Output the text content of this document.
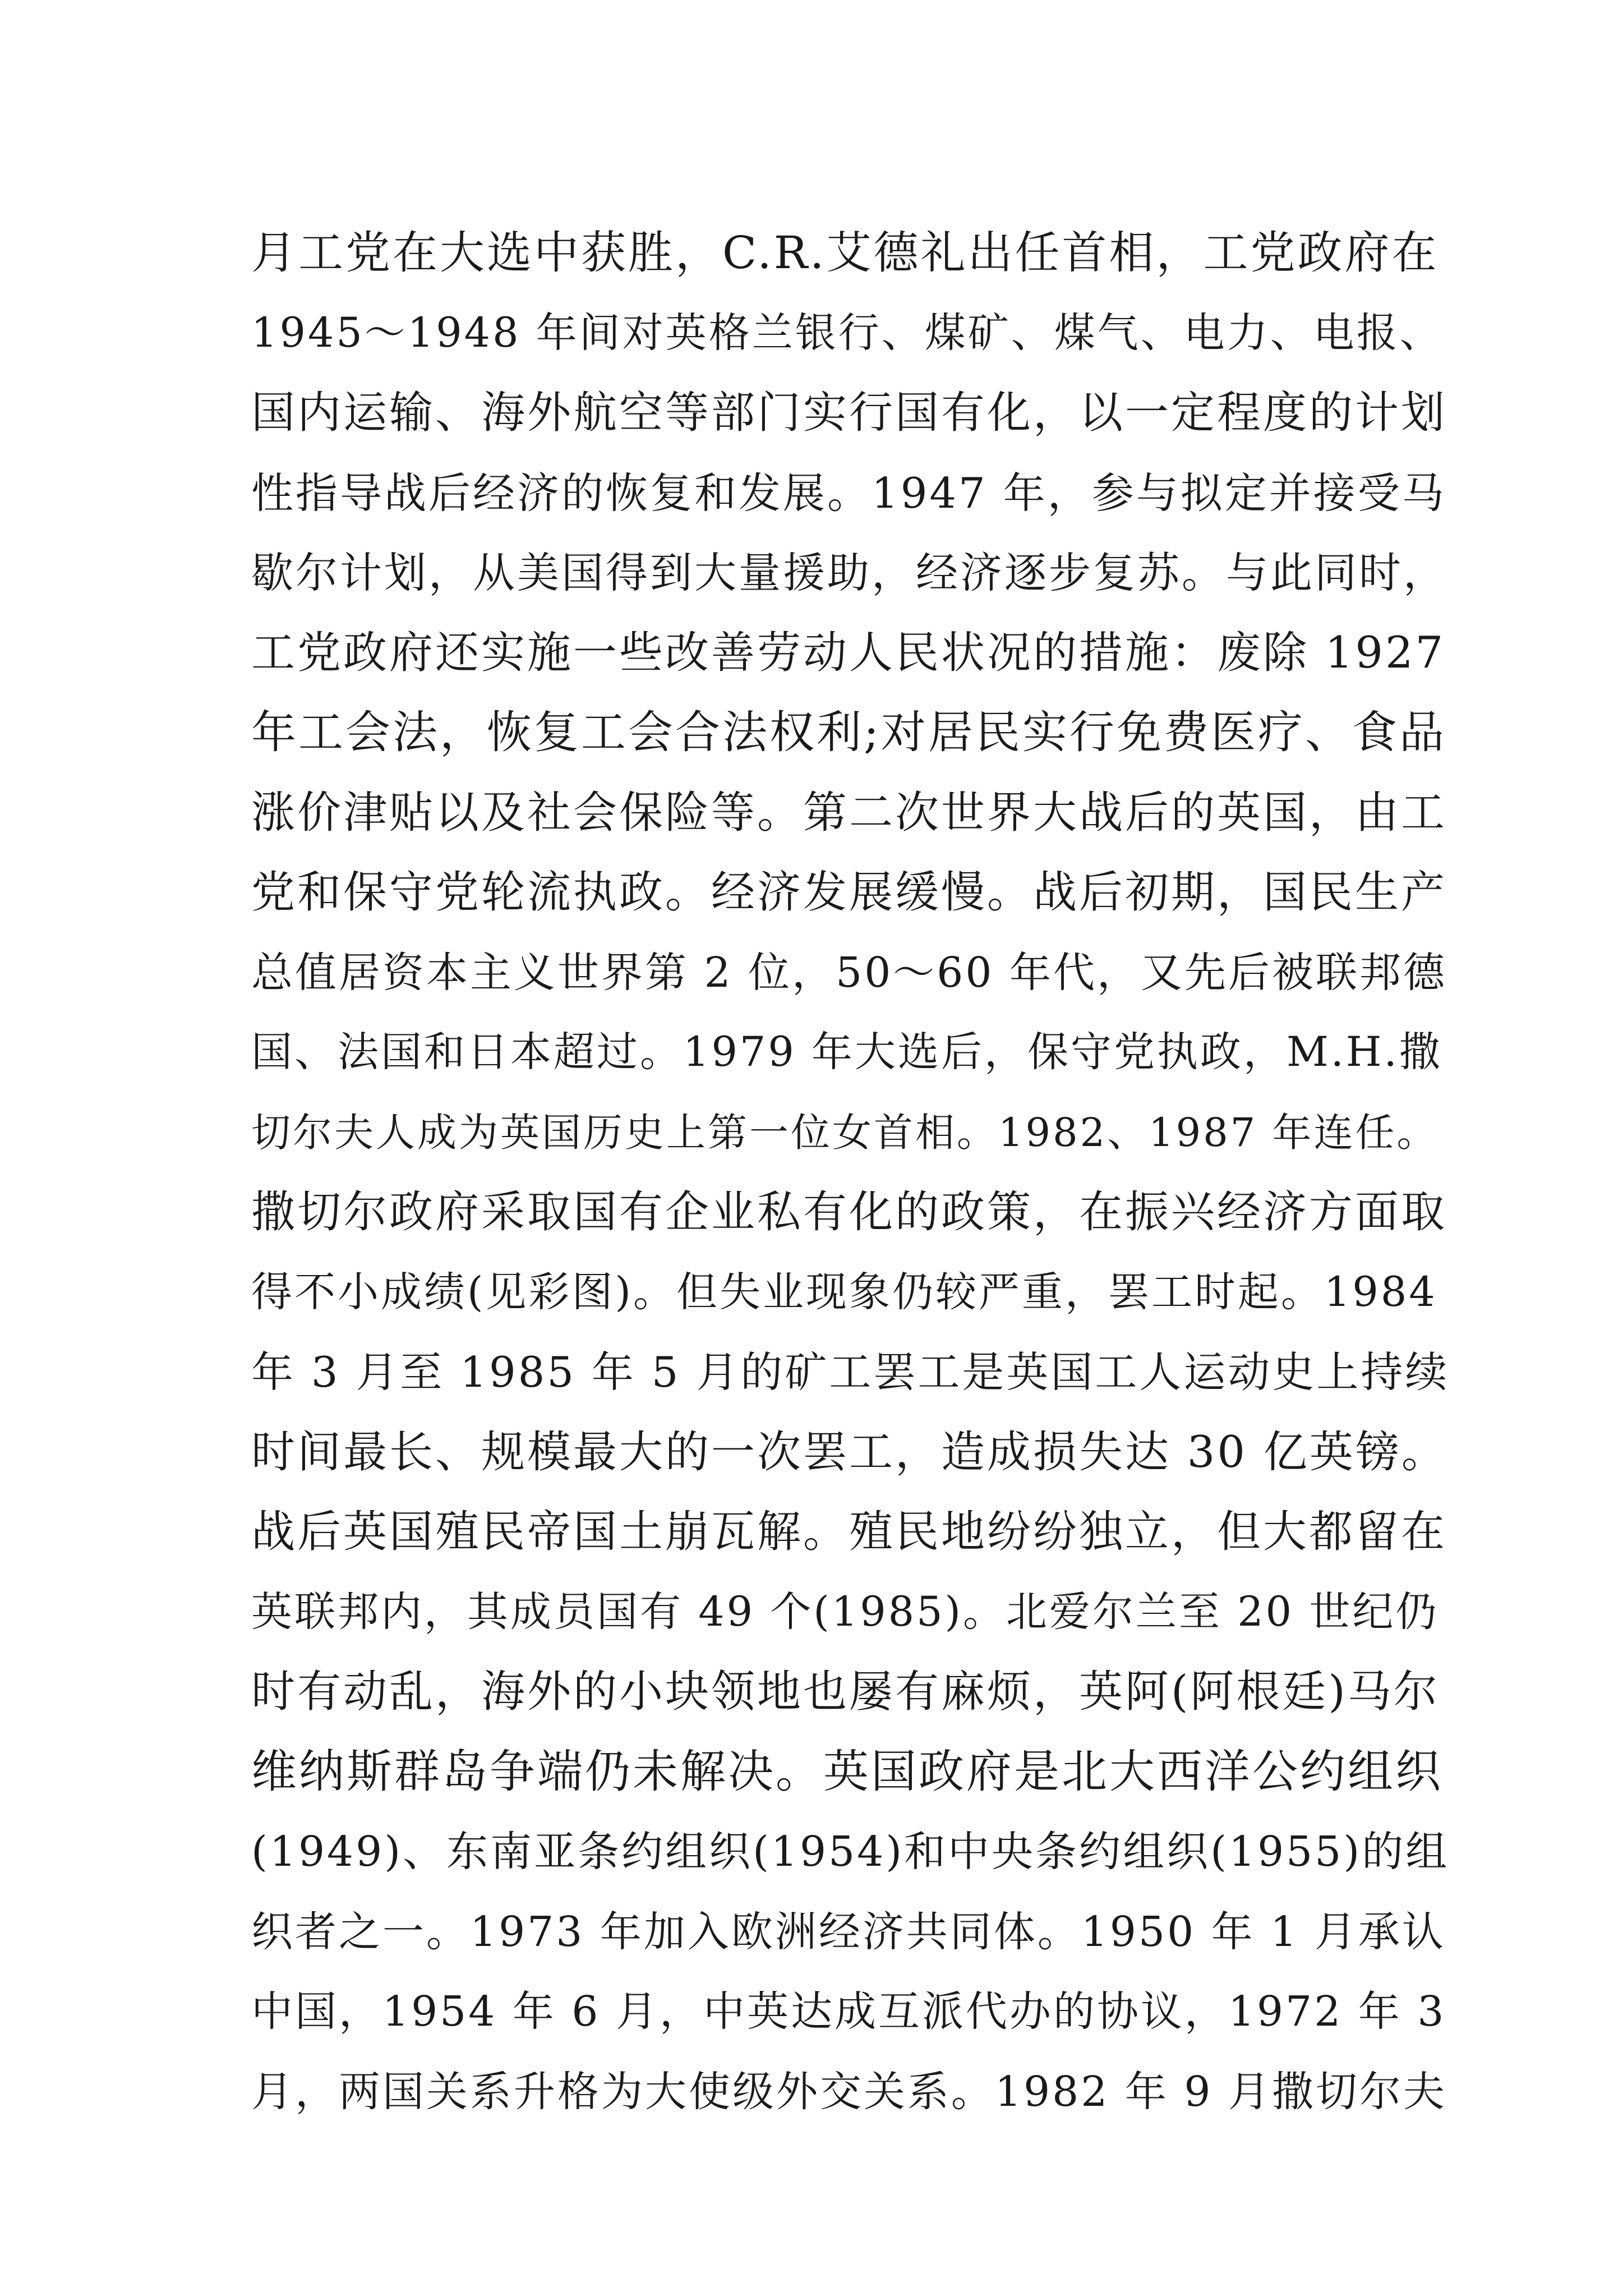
月工党在大选中获胜，C.R.艾德礼出任首相，工党政府在
1945～1948 年间对英格兰银行、煤矿、煤气、电力、电报、
国内运输、海外航空等部门实行国有化，以一定程度的计划
性指导战后经济的恢复和发展。1947 年，参与拟定并接受马
歇尔计划，从美国得到大量援助，经济逐步复苏。与此同时，
工党政府还实施一些改善劳动人民状况的措施：废除 1927
年工会法，恢复工会合法权利;对居民实行免费医疗、食品
涨价津贴以及社会保险等。第二次世界大战后的英国，由工
党和保守党轮流执政。经济发展缓慢。战后初期，国民生产
总值居资本主义世界第 2 位，50～60 年代，又先后被联邦德
国、法国和日本超过。1979 年大选后，保守党执政，M.H.撒
切尔夫人成为英国历史上第一位女首相。1982、1987 年连任。
撒切尔政府采取国有企业私有化的政策，在振兴经济方面取
得不小成绩(见彩图)。但失业现象仍较严重，罢工时起。1984
年 3 月至 1985 年 5 月的矿工罢工是英国工人运动史上持续
时间最长、规模最大的一次罢工，造成损失达 30 亿英镑。
战后英国殖民帝国土崩瓦解。殖民地纷纷独立，但大都留在
英联邦内，其成员国有 49 个(1985)。北爱尔兰至 20 世纪仍
时有动乱，海外的小块领地也屡有麻烦，英阿(阿根廷)马尔
维纳斯群岛争端仍未解决。英国政府是北大西洋公约组织
(1949)、东南亚条约组织(1954)和中央条约组织(1955)的组
织者之一。1973 年加入欧洲经济共同体。1950 年 1 月承认
中国，1954 年 6 月，中英达成互派代办的协议，1972 年 3
月，两国关系升格为大使级外交关系。1982 年 9 月撒切尔夫
